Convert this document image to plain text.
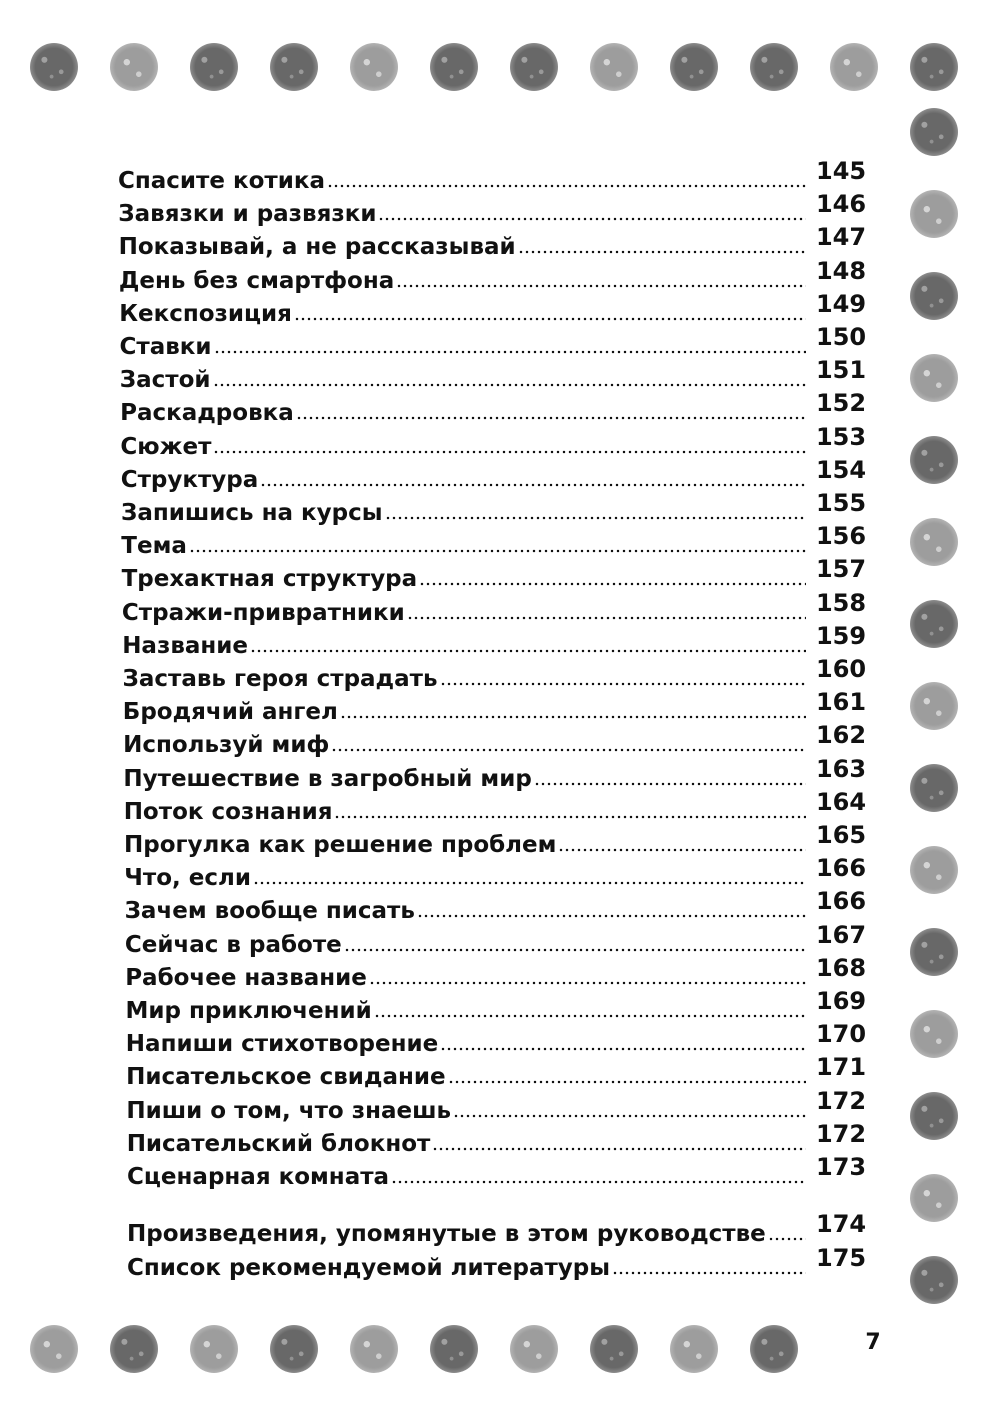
Спасите котика	145
Завязки и развязки	146
Показывай, а не рассказывай	147
День без смартфона	148
Кекспозиция	149
Ставки	150
Застой	151
Раскадровка	152
Сюжет	153
Структура	154
Запишись на курсы	155
Тема	156
Трехактная структура	157
Стражи-привратники	158
Название	159
Заставь героя страдать	160
Бродячий ангел	161
Используй миф	162
Путешествие в загробный мир	163
Поток сознания	164
Прогулка как решение проблем	165
Что, если	166
Зачем вообще писать	166
Сейчас в работе	167
Рабочее название	168
Мир приключений	169
Напиши стихотворение	170
Писательское свидание	171
Пиши о том, что знаешь	172
Писательский блокнот	172
Сценарная комната	173
Произведения, упомянутые в этом руководстве 174
Список рекомендуемой литературы	175
7
